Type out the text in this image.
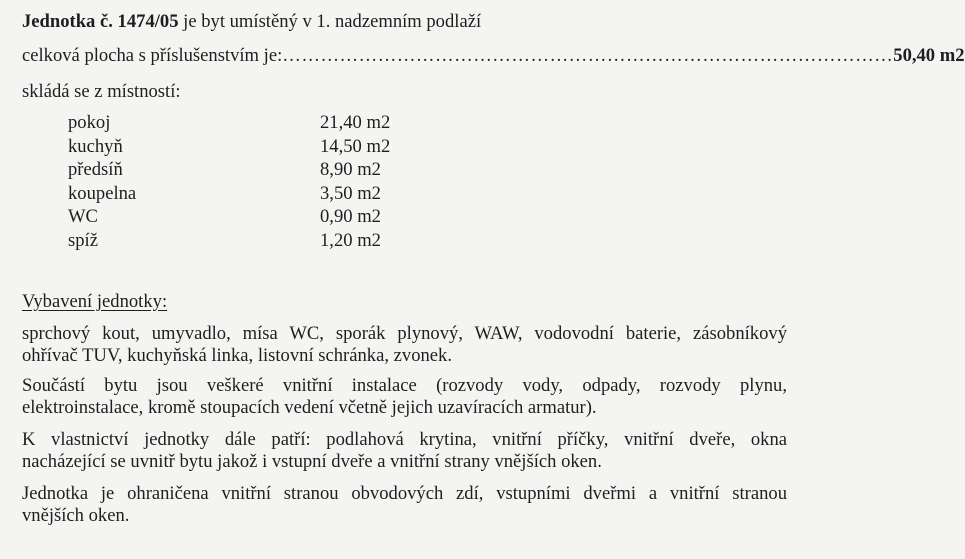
Jednotka č. 1474/05 je byt umístěný v 1. nadzemním podlaží
celková plocha s příslušenstvím je: …………………………………………………………………………………… 50,40 m2
skládá se z místností:
pokoj	21,40 m2
kuchyň	14,50 m2
předsíň	8,90 m2
koupelna	3,50 m2
WC	0,90 m2
spíž	1,20 m2
Vybavení jednotky:
sprchový kout, umyvadlo, mísa WC, sporák plynový, WAW, vodovodní baterie, zásobníkový
ohřívač TUV, kuchyňská linka, listovní schránka, zvonek.
Součástí bytu jsou veškeré vnitřní instalace (rozvody vody, odpady, rozvody plynu,
elektroinstalace, kromě stoupacích vedení včetně jejich uzavíracích armatur).
K vlastnictví jednotky dále patří: podlahová krytina, vnitřní příčky, vnitřní dveře, okna
nacházející se uvnitř bytu jakož i vstupní dveře a vnitřní strany vnějších oken.
Jednotka je ohraničena vnitřní stranou obvodových zdí, vstupními dveřmi a vnitřní stranou
vnějších oken.
